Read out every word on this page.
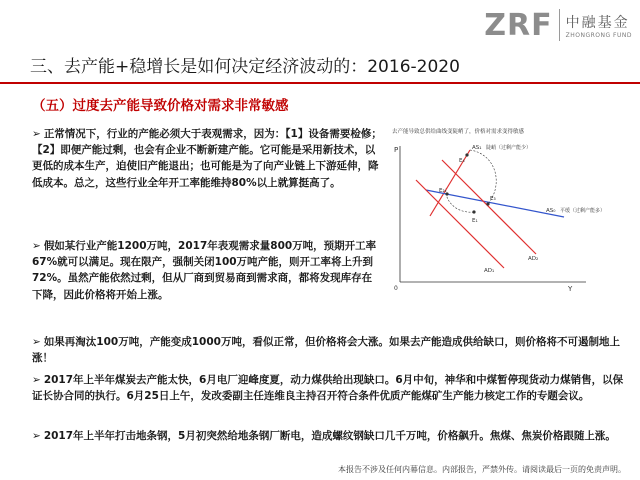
ZRF 中融基金
ZHONGRONG FUND
三、去产能+稳增长是如何决定经济波动的：2016-2020
（五）过度去产能导致价格对需求非常敏感
➢ 正常情况下，行业的产能必须大于表观需求，因为：【1】设备需要检修；【2】即便产能过剩，也会有企业不断新建产能。它可能是采用新技术，以更低的成本生产，迫使旧产能退出；也可能是为了向产业链上下游延伸，降低成本。总之，这些行业全年开工率能维持80%以上就算挺高了。
➢ 假如某行业产能1200万吨，2017年表观需求量800万吨，预期开工率67%就可以满足。现在限产，强制关闭100万吨产能，则开工率将上升到72%。虽然产能依然过剩，但从厂商到贸易商到需求商，都将发现库存在下降，因此价格将开始上涨。
➢ 如果再淘汰100万吨，产能变成1000万吨，看似正常，但价格将会大涨。如果去产能造成供给缺口，则价格将不可遏制地上涨！
➢ 2017年上半年煤炭去产能太快，6月电厂迎峰度夏，动力煤供给出现缺口。6月中旬，神华和中煤暂停现货动力煤销售，以保证长协合同的执行。6月25日上午，发改委副主任连维良主持召开符合条件优质产能煤矿生产能力核定工作的专题会议。
➢ 2017年上半年打击地条钢，5月初突然给地条钢厂断电，造成螺纹钢缺口几千万吨，价格飙升。焦煤、焦炭价格跟随上涨。
去产能导致总供给曲线变陡峭了，价格对需求变得敏感
P
Y
0
E₄
E₂
E₃
E₁
AS₁ 陡峭（过剩产能少）
AS₀ 平缓（过剩产能多）
AD₁
AD₂
本报告不涉及任何内幕信息。内部报告，严禁外传。请阅读最后一页的免责声明。
